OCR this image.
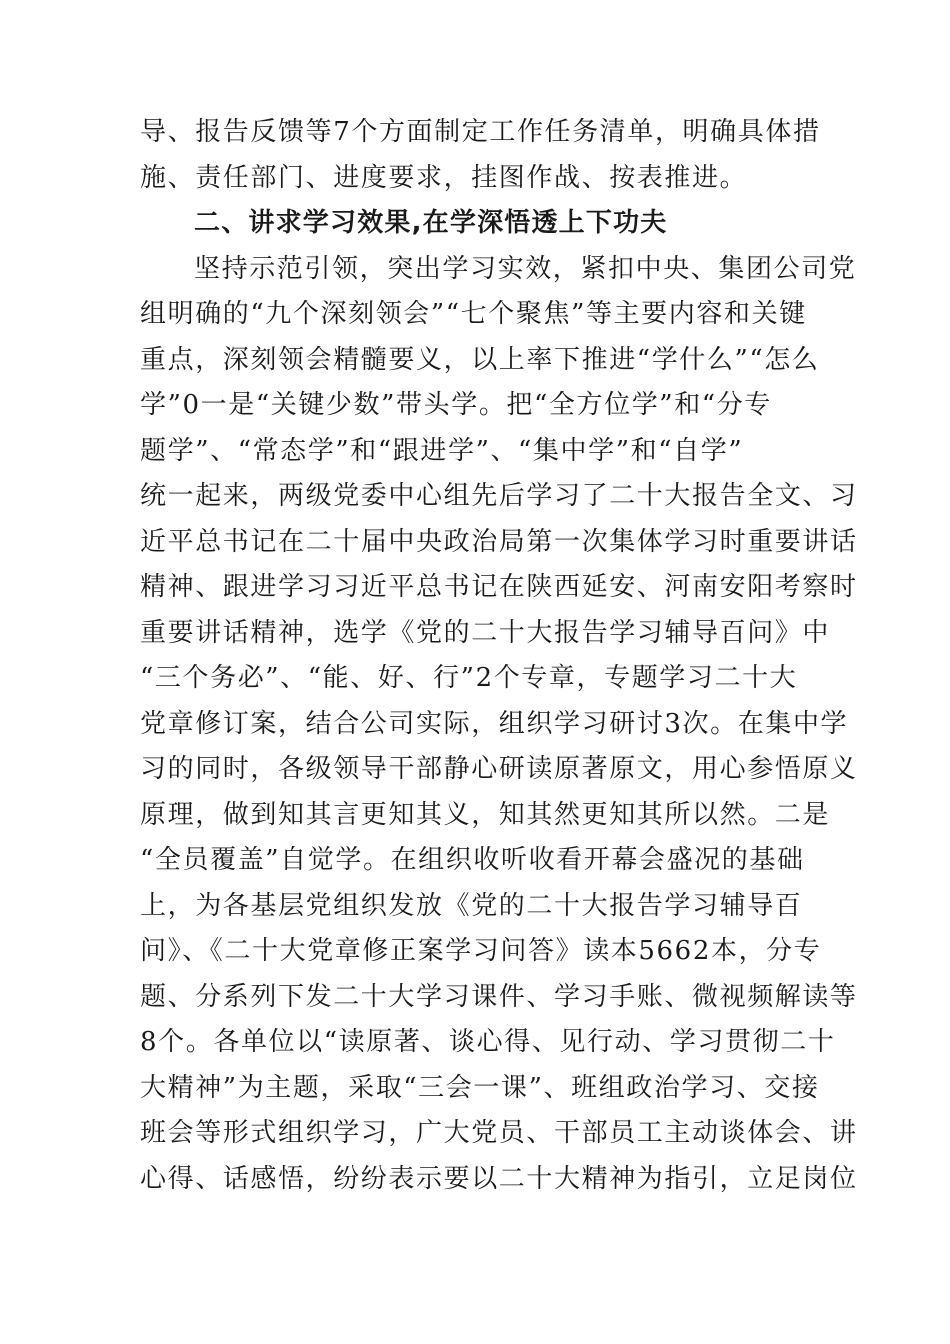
导、报告反馈等7个方面制定工作任务清单，明确具体措
施、责任部门、进度要求，挂图作战、按表推进。
二、讲求学习效果,在学深悟透上下功夫
坚持示范引领，突出学习实效，紧扣中央、集团公司党
组明确的“九个深刻领会”“七个聚焦”等主要内容和关键
重点，深刻领会精髓要义，以上率下推进“学什么”“怎么
学”0一是“关键少数”带头学。把“全方位学”和“分专
题学”、“常态学”和“跟进学”、“集中学”和“自学”
统一起来，两级党委中心组先后学习了二十大报告全文、习
近平总书记在二十届中央政治局第一次集体学习时重要讲话
精神、跟进学习习近平总书记在陕西延安、河南安阳考察时
重要讲话精神，选学《党的二十大报告学习辅导百问》中
“三个务必”、“能、好、行”2个专章，专题学习二十大
党章修订案，结合公司实际，组织学习研讨3次。在集中学
习的同时，各级领导干部静心研读原著原文，用心参悟原义
原理，做到知其言更知其义，知其然更知其所以然。二是
“全员覆盖”自觉学。在组织收听收看开幕会盛况的基础
上，为各基层党组织发放《党的二十大报告学习辅导百
问》、《二十大党章修正案学习问答》读本5662本，分专
题、分系列下发二十大学习课件、学习手账、微视频解读等
8个。各单位以“读原著、谈心得、见行动、学习贯彻二十
大精神”为主题，采取“三会一课”、班组政治学习、交接
班会等形式组织学习，广大党员、干部员工主动谈体会、讲
心得、话感悟，纷纷表示要以二十大精神为指引，立足岗位
